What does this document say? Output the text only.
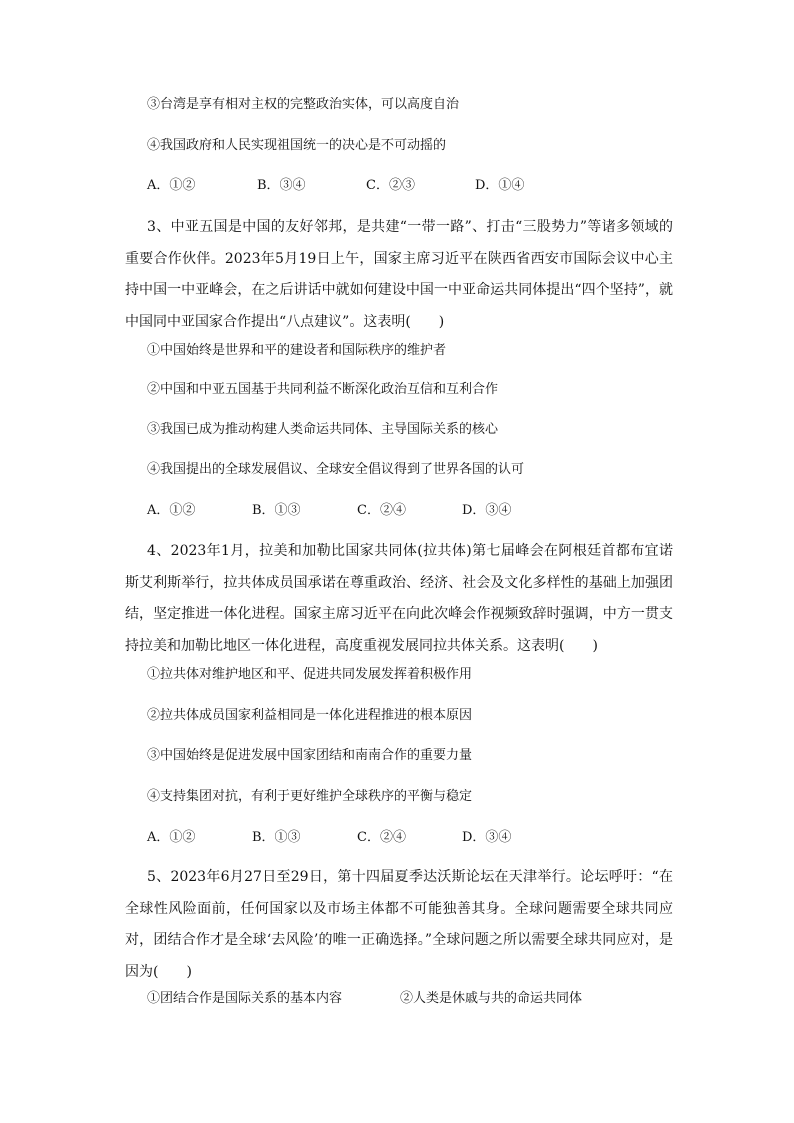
③台湾是享有相对主权的完整政治实体，可以高度自治
④我国政府和人民实现祖国统一的决心是不可动摇的
A．①②	B．③④	C．②③	D．①④
3、中亚五国是中国的友好邻邦，是共建“一带一路”、打击“三股势力”等诸多领域的重要合作伙伴。2023年5月19日上午，国家主席习近平在陕西省西安市国际会议中心主持中国一中亚峰会，在之后讲话中就如何建设中国一中亚命运共同体提出“四个坚持”，就中国同中亚国家合作提出“八点建议”。这表明(　　)
①中国始终是世界和平的建设者和国际秩序的维护者
②中国和中亚五国基于共同利益不断深化政治互信和互利合作
③我国已成为推动构建人类命运共同体、主导国际关系的核心
④我国提出的全球发展倡议、全球安全倡议得到了世界各国的认可
A．①②	B．①③	C．②④	D．③④
4、2023年1月，拉美和加勒比国家共同体(拉共体)第七届峰会在阿根廷首都布宜诺斯艾利斯举行，拉共体成员国承诺在尊重政治、经济、社会及文化多样性的基础上加强团结，坚定推进一体化进程。国家主席习近平在向此次峰会作视频致辞时强调，中方一贯支持拉美和加勒比地区一体化进程，高度重视发展同拉共体关系。这表明(　　)
①拉共体对维护地区和平、促进共同发展发挥着积极作用
②拉共体成员国家利益相同是一体化进程推进的根本原因
③中国始终是促进发展中国家团结和南南合作的重要力量
④支持集团对抗，有利于更好维护全球秩序的平衡与稳定
A．①②	B．①③	C．②④	D．③④
5、2023年6月27日至29日，第十四届夏季达沃斯论坛在天津举行。论坛呼吁：“在全球性风险面前，任何国家以及市场主体都不可能独善其身。全球问题需要全球共同应对，团结合作才是全球‘去风险’的唯一正确选择。”全球问题之所以需要全球共同应对，是因为(　　)
①团结合作是国际关系的基本内容	②人类是休戚与共的命运共同体
